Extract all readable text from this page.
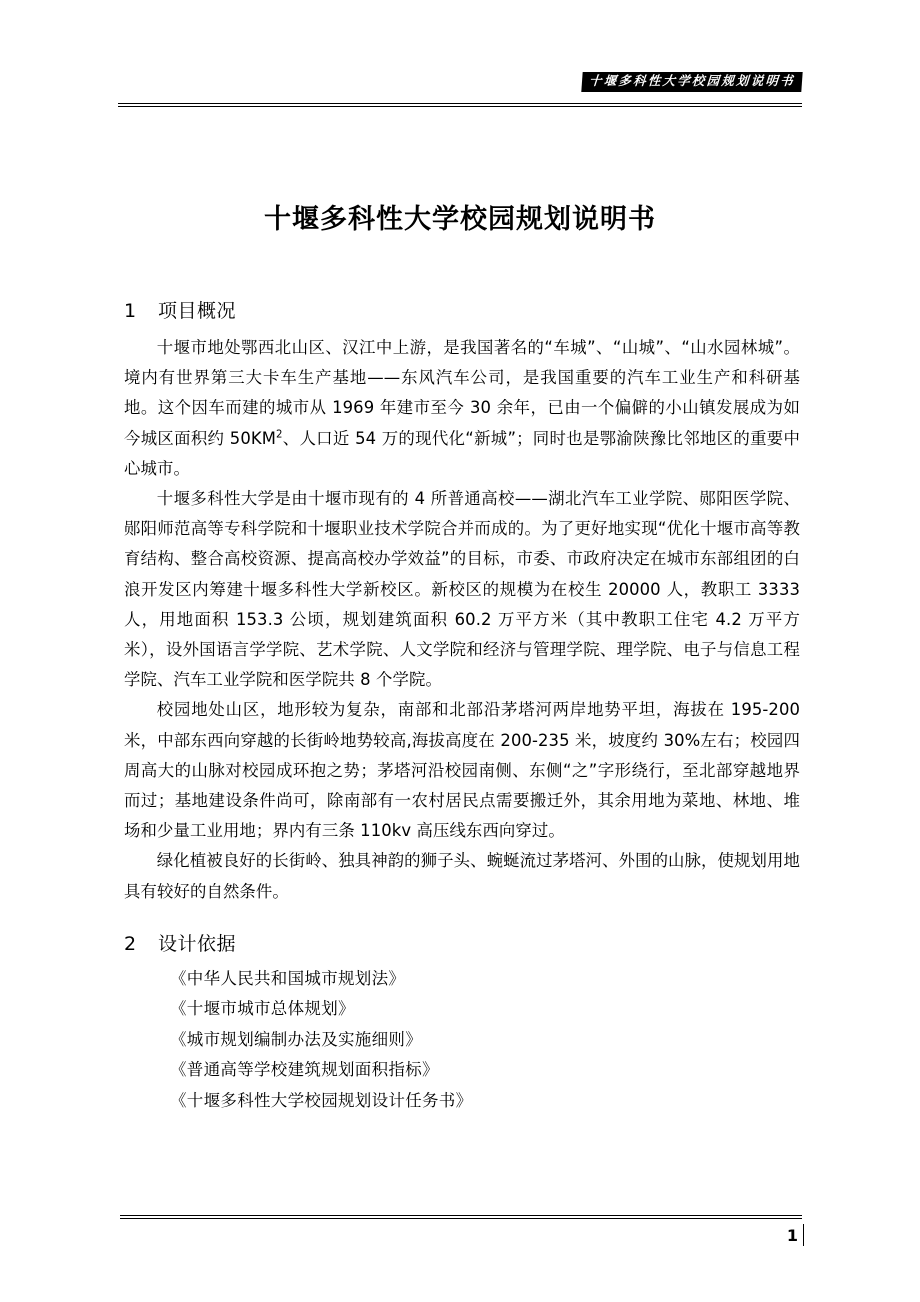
十堰多科性大学校园规划说明书
十堰多科性大学校园规划说明书
1 项目概况

十堰市地处鄂西北山区、汉江中上游，是我国著名的“车城”、“山城”、“山水园林城”。境内有世界第三大卡车生产基地——东风汽车公司，是我国重要的汽车工业生产和科研基地。这个因车而建的城市从 1969 年建市至今 30 余年，已由一个偏僻的小山镇发展成为如今城区面积约 $50KM^2$、人口近 54 万的现代化“新城”；同时也是鄂渝陕豫比邻地区的重要中心城市。

十堰多科性大学是由十堰市现有的 4 所普通高校——湖北汽车工业学院、郧阳医学院、郧阳师范高等专科学院和十堰职业技术学院合并而成的。为了更好地实现“优化十堰市高等教育结构、整合高校资源、提高高校办学效益”的目标，市委、市政府决定在城市东部组团的白浪开发区内筹建十堰多科性大学新校区。新校区的规模为在校生 20000 人，教职工 3333 人，用地面积 153.3 公顷，规划建筑面积 60.2 万平方米（其中教职工住宅 4.2 万平方米），设外国语言学学院、艺术学院、人文学院和经济与管理学院、理学院、电子与信息工程学院、汽车工业学院和医学院共 8 个学院。

校园地处山区，地形较为复杂，南部和北部沿茅塔河两岸地势平坦，海拔在 195-200 米，中部东西向穿越的长街岭地势较高,海拔高度在 200-235 米，坡度约 30%左右；校园四周高大的山脉对校园成环抱之势；茅塔河沿校园南侧、东侧“之”字形绕行，至北部穿越地界而过；基地建设条件尚可，除南部有一农村居民点需要搬迁外，其余用地为菜地、林地、堆场和少量工业用地；界内有三条 110kv 高压线东西向穿过。

绿化植被良好的长街岭、独具神韵的狮子头、蜿蜒流过茅塔河、外围的山脉，使规划用地具有较好的自然条件。

2 设计依据
《中华人民共和国城市规划法》
《十堰市城市总体规划》
《城市规划编制办法及实施细则》
《普通高等学校建筑规划面积指标》
《十堰多科性大学校园规划设计任务书》
1
